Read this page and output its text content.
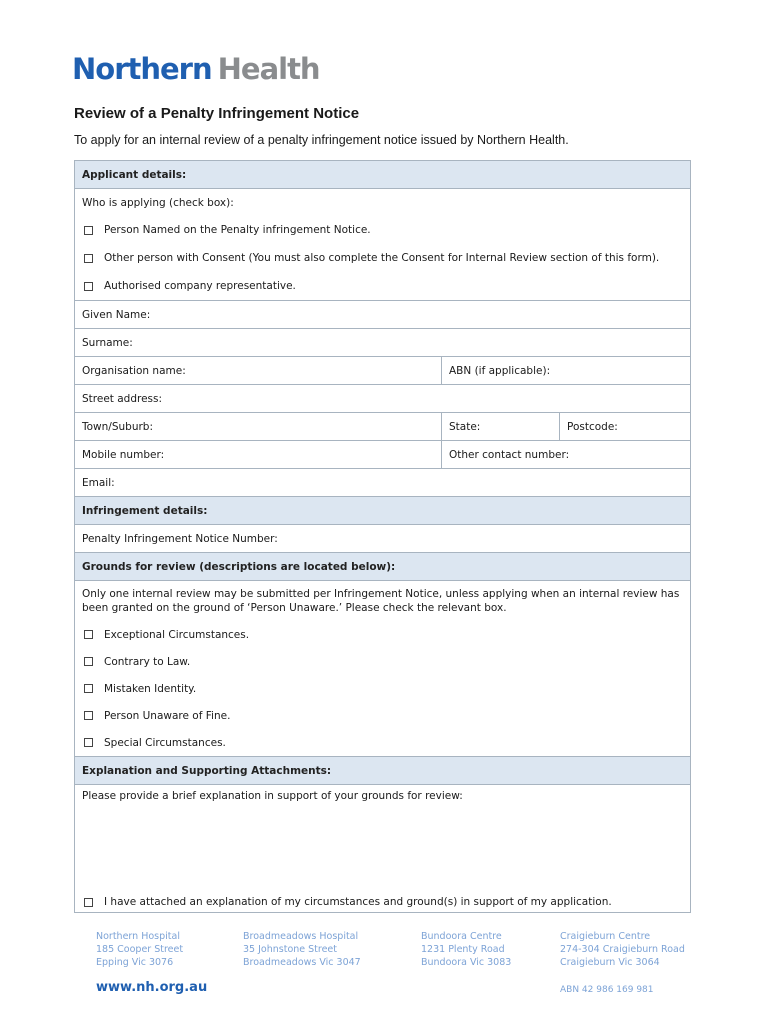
Northern Health
Review of a Penalty Infringement Notice
To apply for an internal review of a penalty infringement notice issued by Northern Health.
Applicant details:
Who is applying (check box):
Person Named on the Penalty infringement Notice.
Other person with Consent (You must also complete the Consent for Internal Review section of this form).
Authorised company representative.
Given Name:
Surname:
Organisation name:	ABN (if applicable):
Street address:
Town/Suburb:	State:	Postcode:
Mobile number:	Other contact number:
Email:
Infringement details:
Penalty Infringement Notice Number:
Grounds for review (descriptions are located below):
Only one internal review may be submitted per Infringement Notice, unless applying when an internal review has been granted on the ground of ‘Person Unaware.’ Please check the relevant box.
Exceptional Circumstances.
Contrary to Law.
Mistaken Identity.
Person Unaware of Fine.
Special Circumstances.
Explanation and Supporting Attachments:
Please provide a brief explanation in support of your grounds for review:
I have attached an explanation of my circumstances and ground(s) in support of my application.
Northern Hospital
185 Cooper Street
Epping Vic 3076
Broadmeadows Hospital
35 Johnstone Street
Broadmeadows Vic 3047
Bundoora Centre
1231 Plenty Road
Bundoora Vic 3083
Craigieburn Centre
274-304 Craigieburn Road
Craigieburn Vic 3064
www.nh.org.au	ABN 42 986 169 981
